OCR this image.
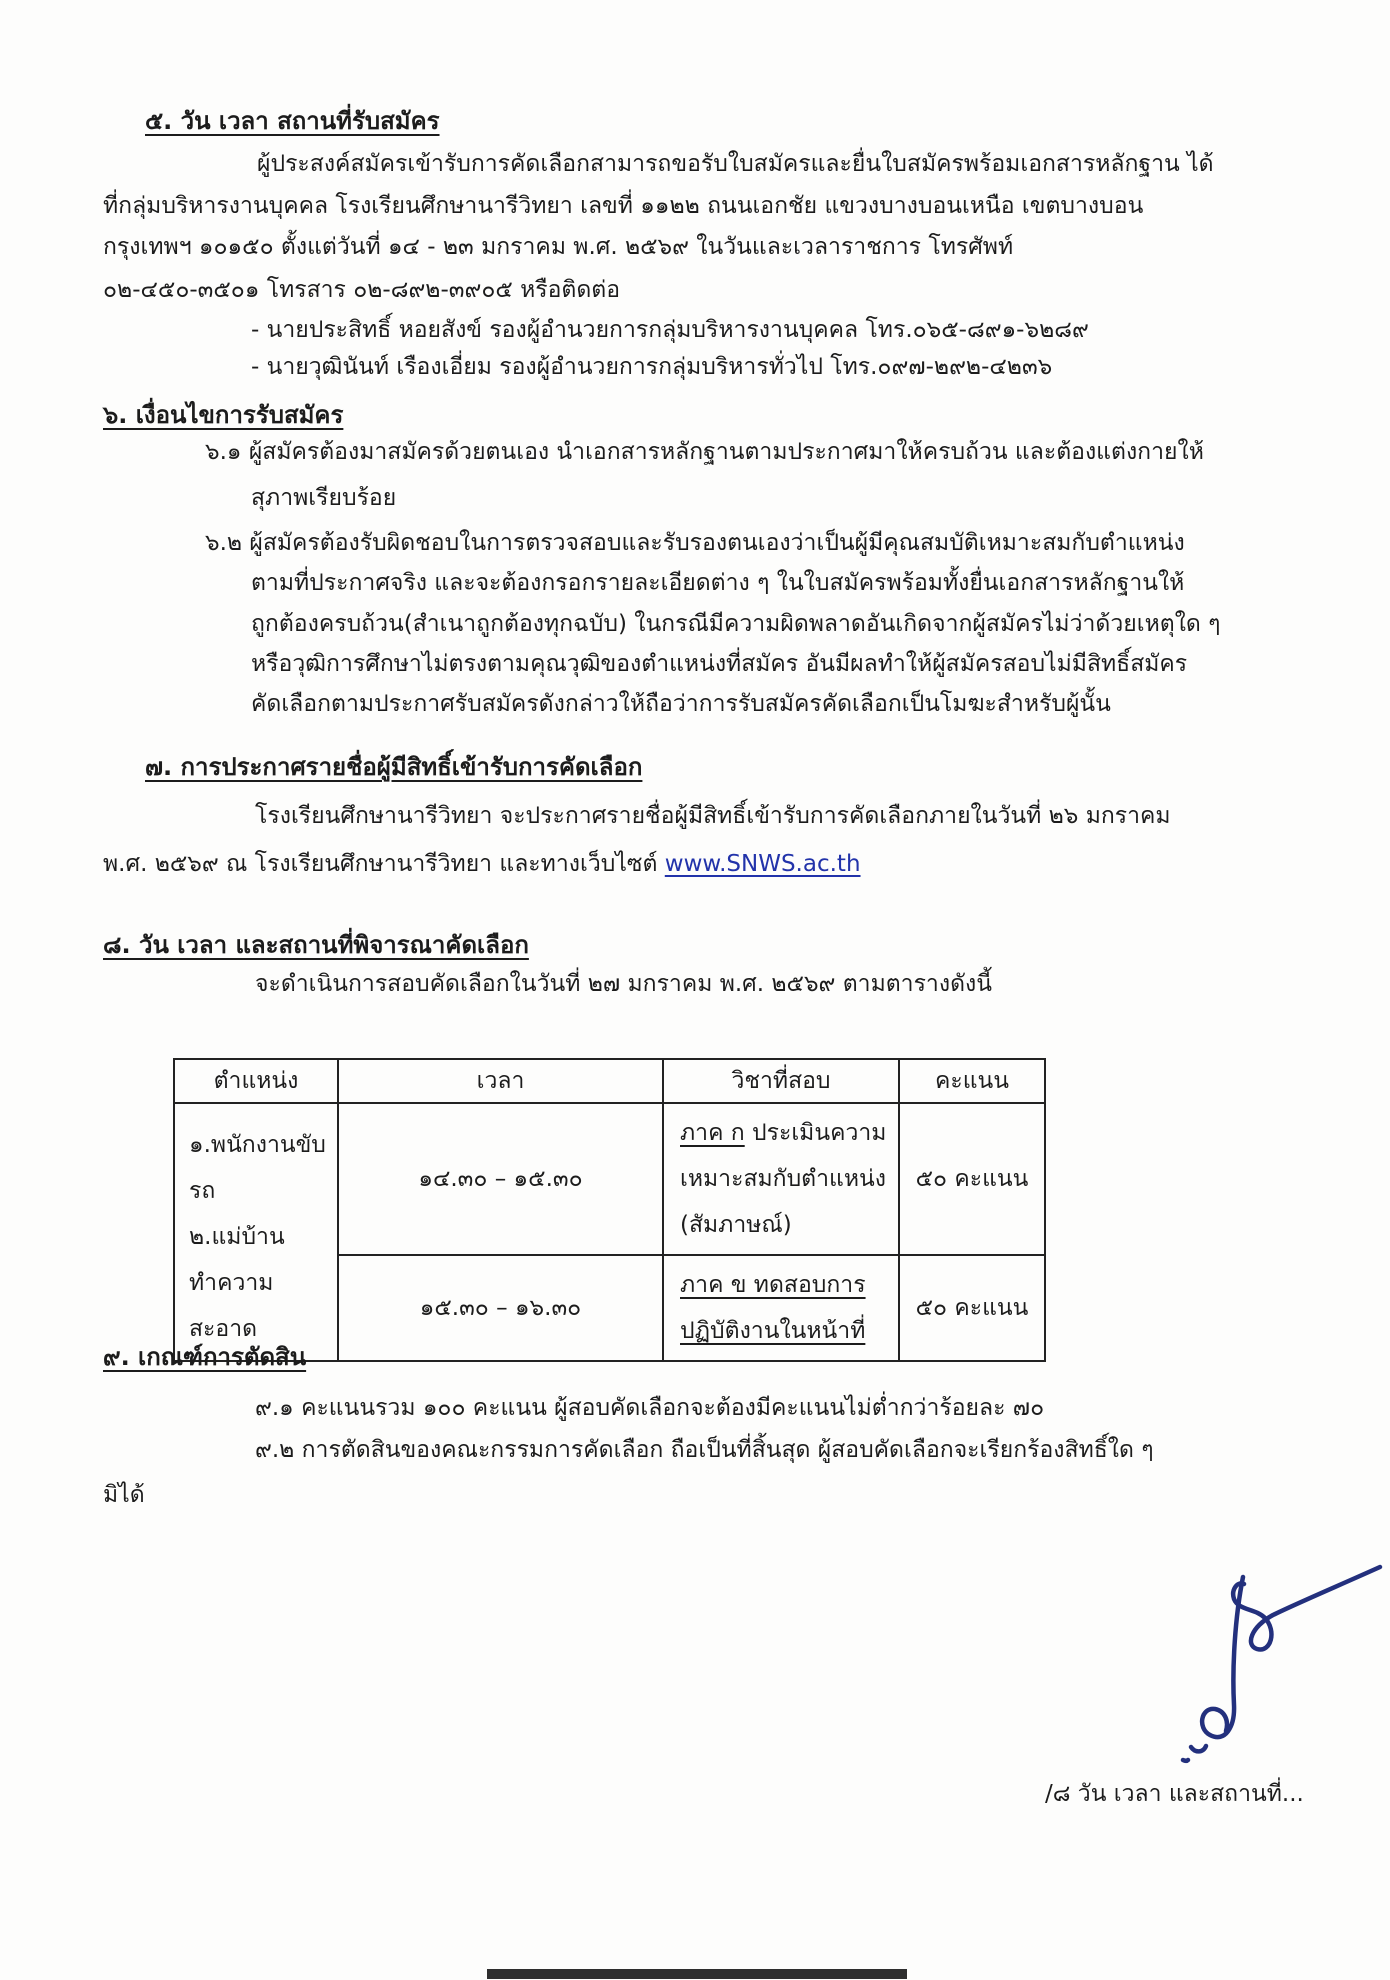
๕. วัน เวลา สถานที่รับสมัคร
ผู้ประสงค์สมัครเข้ารับการคัดเลือกสามารถขอรับใบสมัครและยื่นใบสมัครพร้อมเอกสารหลักฐาน ได้
ที่กลุ่มบริหารงานบุคคล โรงเรียนศึกษานารีวิทยา เลขที่ ๑๑๒๒ ถนนเอกชัย แขวงบางบอนเหนือ เขตบางบอน
กรุงเทพฯ ๑๐๑๕๐ ตั้งแต่วันที่ ๑๔ - ๒๓ มกราคม พ.ศ. ๒๕๖๙ ในวันและเวลาราชการ โทรศัพท์
๐๒-๔๕๐-๓๕๐๑ โทรสาร ๐๒-๘๙๒-๓๙๐๕ หรือติดต่อ
- นายประสิทธิ์ หอยสังข์ รองผู้อำนวยการกลุ่มบริหารงานบุคคล โทร.๐๖๕-๘๙๑-๖๒๘๙
- นายวุฒินันท์ เรืองเอี่ยม รองผู้อำนวยการกลุ่มบริหารทั่วไป โทร.๐๙๗-๒๙๒-๔๒๓๖
๖. เงื่อนไขการรับสมัคร
๖.๑ ผู้สมัครต้องมาสมัครด้วยตนเอง นำเอกสารหลักฐานตามประกาศมาให้ครบถ้วน และต้องแต่งกายให้
สุภาพเรียบร้อย
๖.๒ ผู้สมัครต้องรับผิดชอบในการตรวจสอบและรับรองตนเองว่าเป็นผู้มีคุณสมบัติเหมาะสมกับตำแหน่ง
ตามที่ประกาศจริง และจะต้องกรอกรายละเอียดต่าง ๆ ในใบสมัครพร้อมทั้งยื่นเอกสารหลักฐานให้
ถูกต้องครบถ้วน(สำเนาถูกต้องทุกฉบับ) ในกรณีมีความผิดพลาดอันเกิดจากผู้สมัครไม่ว่าด้วยเหตุใด ๆ
หรือวุฒิการศึกษาไม่ตรงตามคุณวุฒิของตำแหน่งที่สมัคร อันมีผลทำให้ผู้สมัครสอบไม่มีสิทธิ์สมัคร
คัดเลือกตามประกาศรับสมัครดังกล่าวให้ถือว่าการรับสมัครคัดเลือกเป็นโมฆะสำหรับผู้นั้น
๗. การประกาศรายชื่อผู้มีสิทธิ์เข้ารับการคัดเลือก
โรงเรียนศึกษานารีวิทยา จะประกาศรายชื่อผู้มีสิทธิ์เข้ารับการคัดเลือกภายในวันที่ ๒๖ มกราคม
พ.ศ. ๒๕๖๙ ณ โรงเรียนศึกษานารีวิทยา และทางเว็บไซต์ www.SNWS.ac.th
๘. วัน เวลา และสถานที่พิจารณาคัดเลือก
จะดำเนินการสอบคัดเลือกในวันที่ ๒๗ มกราคม พ.ศ. ๒๕๖๙ ตามตารางดังนี้
ตำแหน่ง	เวลา	วิชาที่สอบ	คะแนน

๑.พนักงานขับรถ
๒.แม่บ้านทำความสะอาด	๑๔.๓๐ – ๑๕.๓๐	ภาค ก ประเมินความเหมาะสมกับตำแหน่ง (สัมภาษณ์)	๕๐ คะแนน
	๑๕.๓๐ – ๑๖.๓๐	ภาค ข ทดสอบการปฏิบัติงานในหน้าที่	๕๐ คะแนน
๙. เกณฑ์การตัดสิน
๙.๑ คะแนนรวม ๑๐๐ คะแนน ผู้สอบคัดเลือกจะต้องมีคะแนนไม่ต่ำกว่าร้อยละ ๗๐
๙.๒ การตัดสินของคณะกรรมการคัดเลือก ถือเป็นที่สิ้นสุด ผู้สอบคัดเลือกจะเรียกร้องสิทธิ์ใด ๆ
มิได้
/๘ วัน เวลา และสถานที่...
